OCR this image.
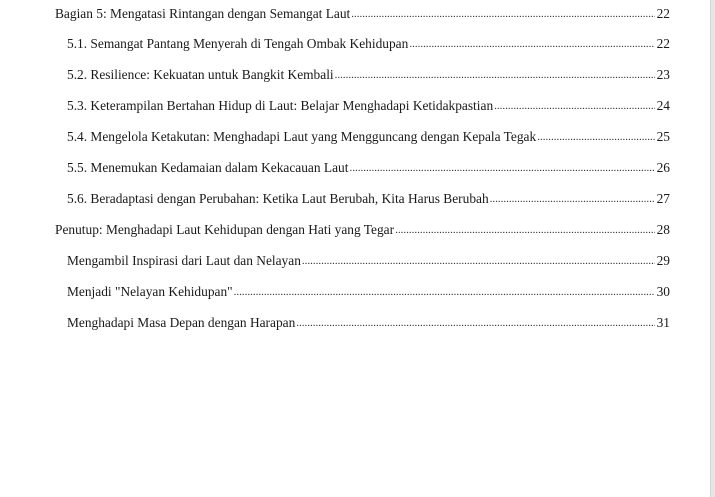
Bagian 5: Mengatasi Rintangan dengan Semangat Laut .....	22
5.1. Semangat Pantang Menyerah di Tengah Ombak Kehidupan .....	22
5.2. Resilience: Kekuatan untuk Bangkit Kembali .....	23
5.3. Keterampilan Bertahan Hidup di Laut: Belajar Menghadapi Ketidakpastian .....	24
5.4. Mengelola Ketakutan: Menghadapi Laut yang Mengguncang dengan Kepala Tegak .....	25
5.5. Menemukan Kedamaian dalam Kekacauan Laut .....	26
5.6. Beradaptasi dengan Perubahan: Ketika Laut Berubah, Kita Harus Berubah .....	27
Penutup: Menghadapi Laut Kehidupan dengan Hati yang Tegar .....	28
Mengambil Inspirasi dari Laut dan Nelayan .....	29
Menjadi "Nelayan Kehidupan" .....	30
Menghadapi Masa Depan dengan Harapan .....	31
